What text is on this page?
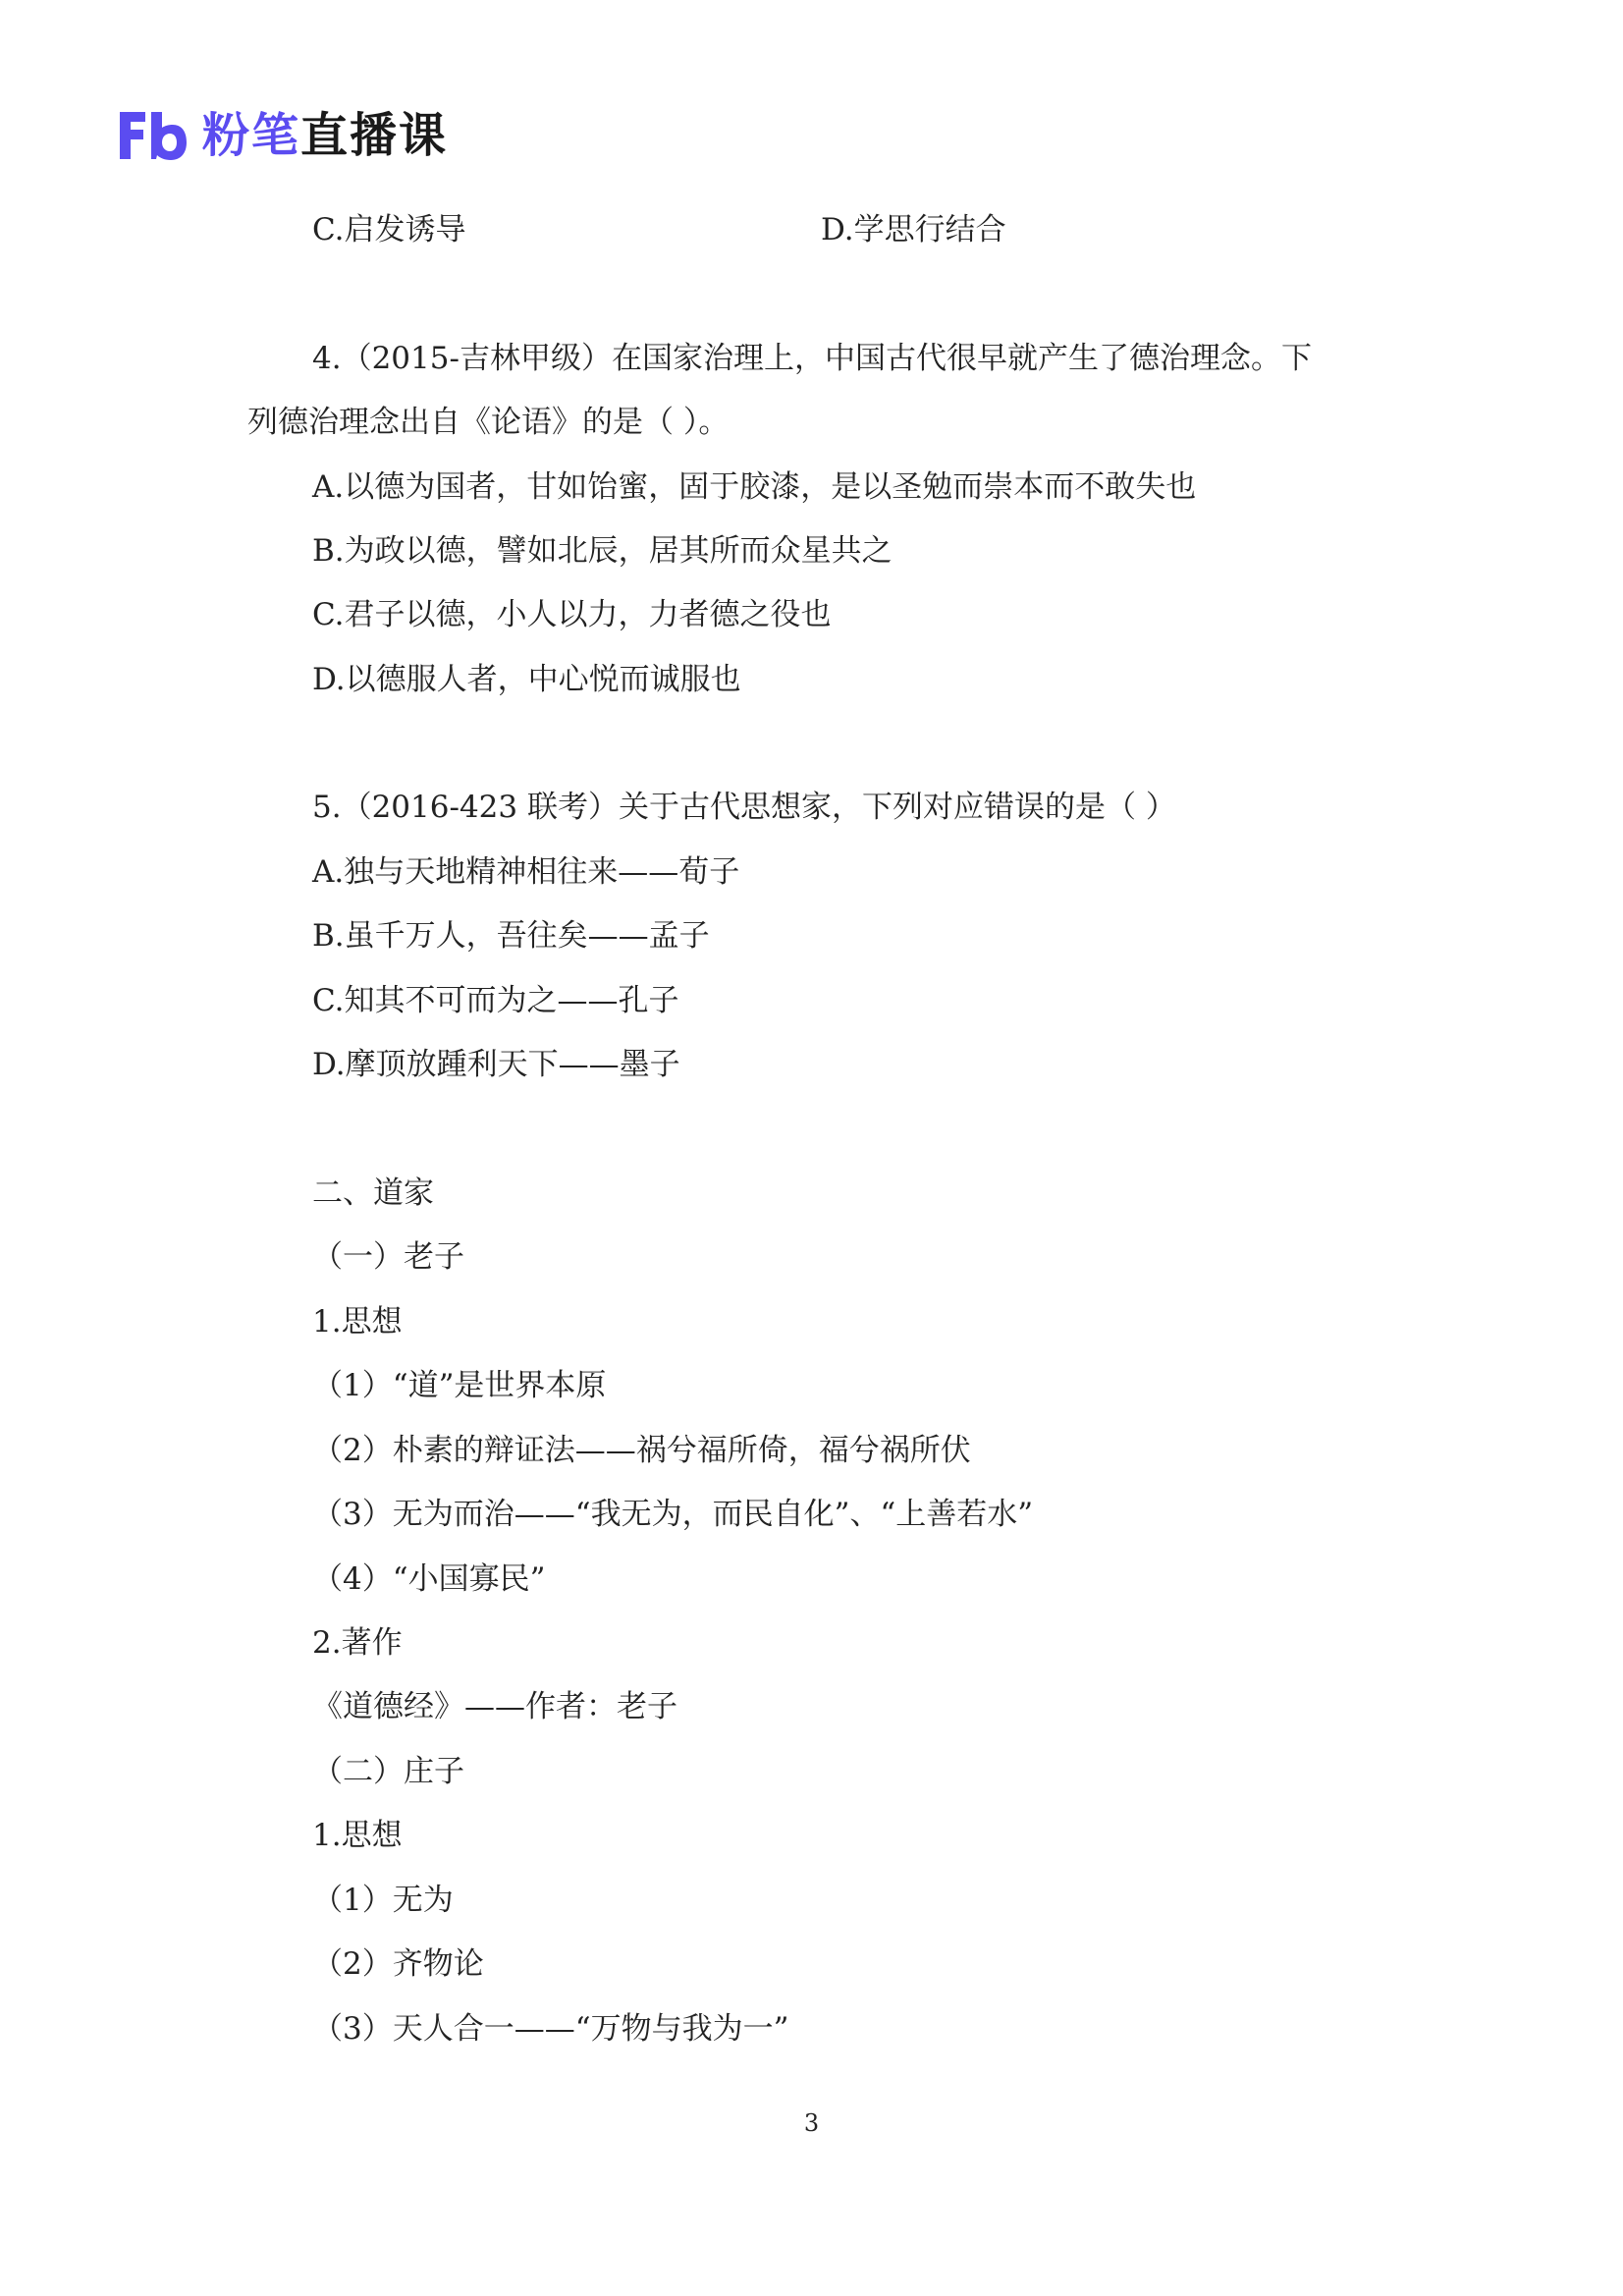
粉笔直播课
C.启发诱导	D.学思行结合
4.（2015-吉林甲级）在国家治理上，中国古代很早就产生了德治理念。下
列德治理念出自《论语》的是（ ）。
A.以德为国者，甘如饴蜜，固于胶漆，是以圣勉而崇本而不敢失也
B.为政以德，譬如北辰，居其所而众星共之
C.君子以德，小人以力，力者德之役也
D.以德服人者，中心悦而诚服也
5.（2016-423 联考）关于古代思想家，下列对应错误的是（ ）
A.独与天地精神相往来——荀子
B.虽千万人，吾往矣——孟子
C.知其不可而为之——孔子
D.摩顶放踵利天下——墨子
二、道家
（一）老子
1.思想
（1）“道”是世界本原
（2）朴素的辩证法——祸兮福所倚，福兮祸所伏
（3）无为而治——“我无为，而民自化”、“上善若水”
（4）“小国寡民”
2.著作
《道德经》——作者：老子
（二）庄子
1.思想
（1）无为
（2）齐物论
（3）天人合一——“万物与我为一”
3
